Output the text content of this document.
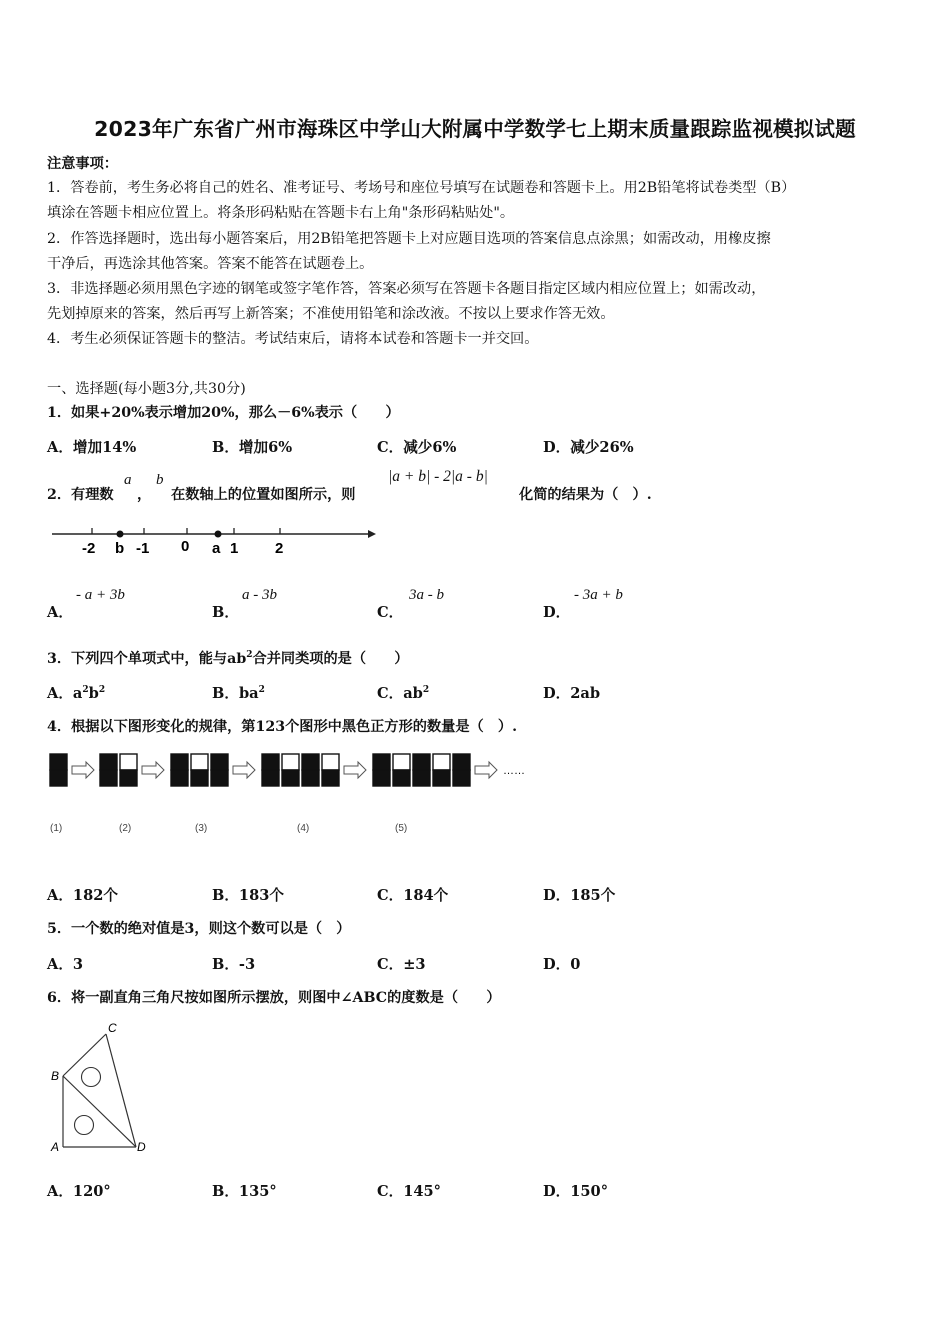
2023年广东省广州市海珠区中学山大附属中学数学七上期末质量跟踪监视模拟试题
注意事项：
1．答卷前，考生务必将自己的姓名、准考证号、考场号和座位号填写在试题卷和答题卡上。用2B铅笔将试卷类型（B）
填涂在答题卡相应位置上。将条形码粘贴在答题卡右上角"条形码粘贴处"。
2．作答选择题时，选出每小题答案后，用2B铅笔把答题卡上对应题目选项的答案信息点涂黑；如需改动，用橡皮擦
干净后，再选涂其他答案。答案不能答在试题卷上。
3．非选择题必须用黑色字迹的钢笔或签字笔作答，答案必须写在答题卡各题目指定区域内相应位置上；如需改动，
先划掉原来的答案，然后再写上新答案；不准使用铅笔和涂改液。不按以上要求作答无效。
4．考生必须保证答题卡的整洁。考试结束后，请将本试卷和答题卡一并交回。
一、选择题(每小题3分,共30分)
1．如果+20%表示增加20%，那么－6%表示（　　）
A．增加14%	B．增加6%	C．减少6%	D．减少26%
2．有理数
a
，
b
在数轴上的位置如图所示，则
|a + b| - 2|a - b|
化简的结果为（　）.
-2 b -1 0 a 1 2
A．
- a + 3b
B．
a - 3b
C．
3a - b
D．
- 3a + b
3．下列四个单项式中，能与$ab^2$合并同类项的是（　　）
A．$a^2b^2$	B．$ba^2$	C．$ab^2$	D．2ab
4．根据以下图形变化的规律，第123个图形中黑色正方形的数量是（　）.
……
(1)	(2)	(3)	(4)	(5)
A．182个	B．183个	C．184个	D．185个
5．一个数的绝对值是3，则这个数可以是（　）
A．3	B．-3	C．±3	D．0
6．将一副直角三角尺按如图所示摆放，则图中∠ABC的度数是（　　）
C
B
A	D
A．120°	B．135°	C．145°	D．150°
